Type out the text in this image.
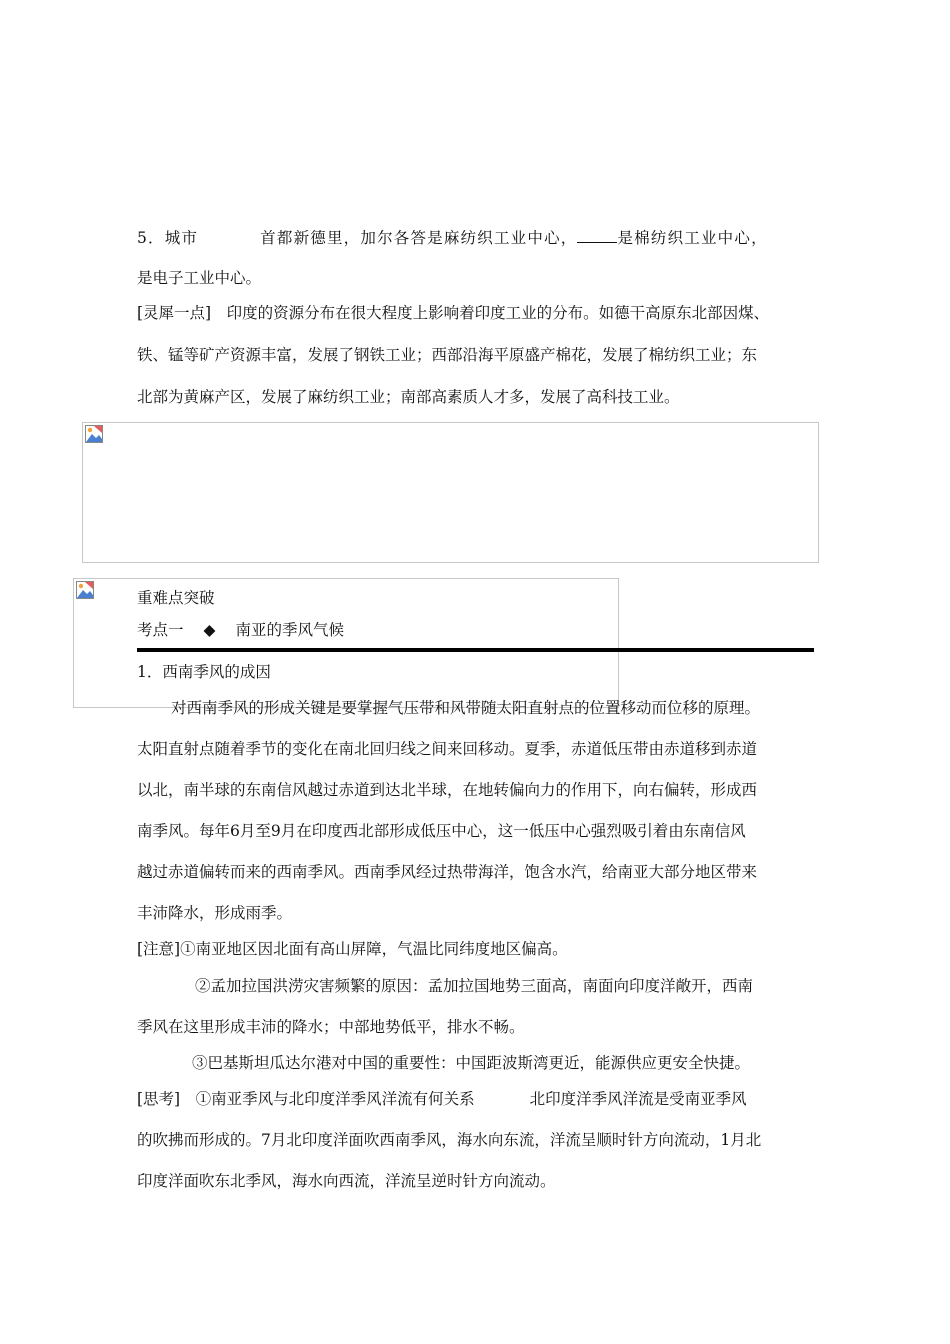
5．城市	首都新德里，加尔各答是麻纺织工业中心，	是棉纺织工业中心，
是电子工业中心。
[灵犀一点]　印度的资源分布在很大程度上影响着印度工业的分布。如德干高原东北部因煤、
铁、锰等矿产资源丰富，发展了钢铁工业；西部沿海平原盛产棉花，发展了棉纺织工业；东
北部为黄麻产区，发展了麻纺织工业；南部高素质人才多，发展了高科技工业。
重难点突破
考点一 ◆ 南亚的季风气候
1．西南季风的成因
对西南季风的形成关键是要掌握气压带和风带随太阳直射点的位置移动而位移的原理。
太阳直射点随着季节的变化在南北回归线之间来回移动。夏季，赤道低压带由赤道移到赤道
以北，南半球的东南信风越过赤道到达北半球，在地转偏向力的作用下，向右偏转，形成西
南季风。每年6月至9月在印度西北部形成低压中心，这一低压中心强烈吸引着由东南信风
越过赤道偏转而来的西南季风。西南季风经过热带海洋，饱含水汽，给南亚大部分地区带来
丰沛降水，形成雨季。
[注意]①南亚地区因北面有高山屏障，气温比同纬度地区偏高。
②孟加拉国洪涝灾害频繁的原因：孟加拉国地势三面高，南面向印度洋敞开，西南
季风在这里形成丰沛的降水；中部地势低平，排水不畅。
③巴基斯坦瓜达尔港对中国的重要性：中国距波斯湾更近，能源供应更安全快捷。
[思考]　①南亚季风与北印度洋季风洋流有何关系	北印度洋季风洋流是受南亚季风
的吹拂而形成的。7月北印度洋面吹西南季风，海水向东流，洋流呈顺时针方向流动，1月北
印度洋面吹东北季风，海水向西流，洋流呈逆时针方向流动。
